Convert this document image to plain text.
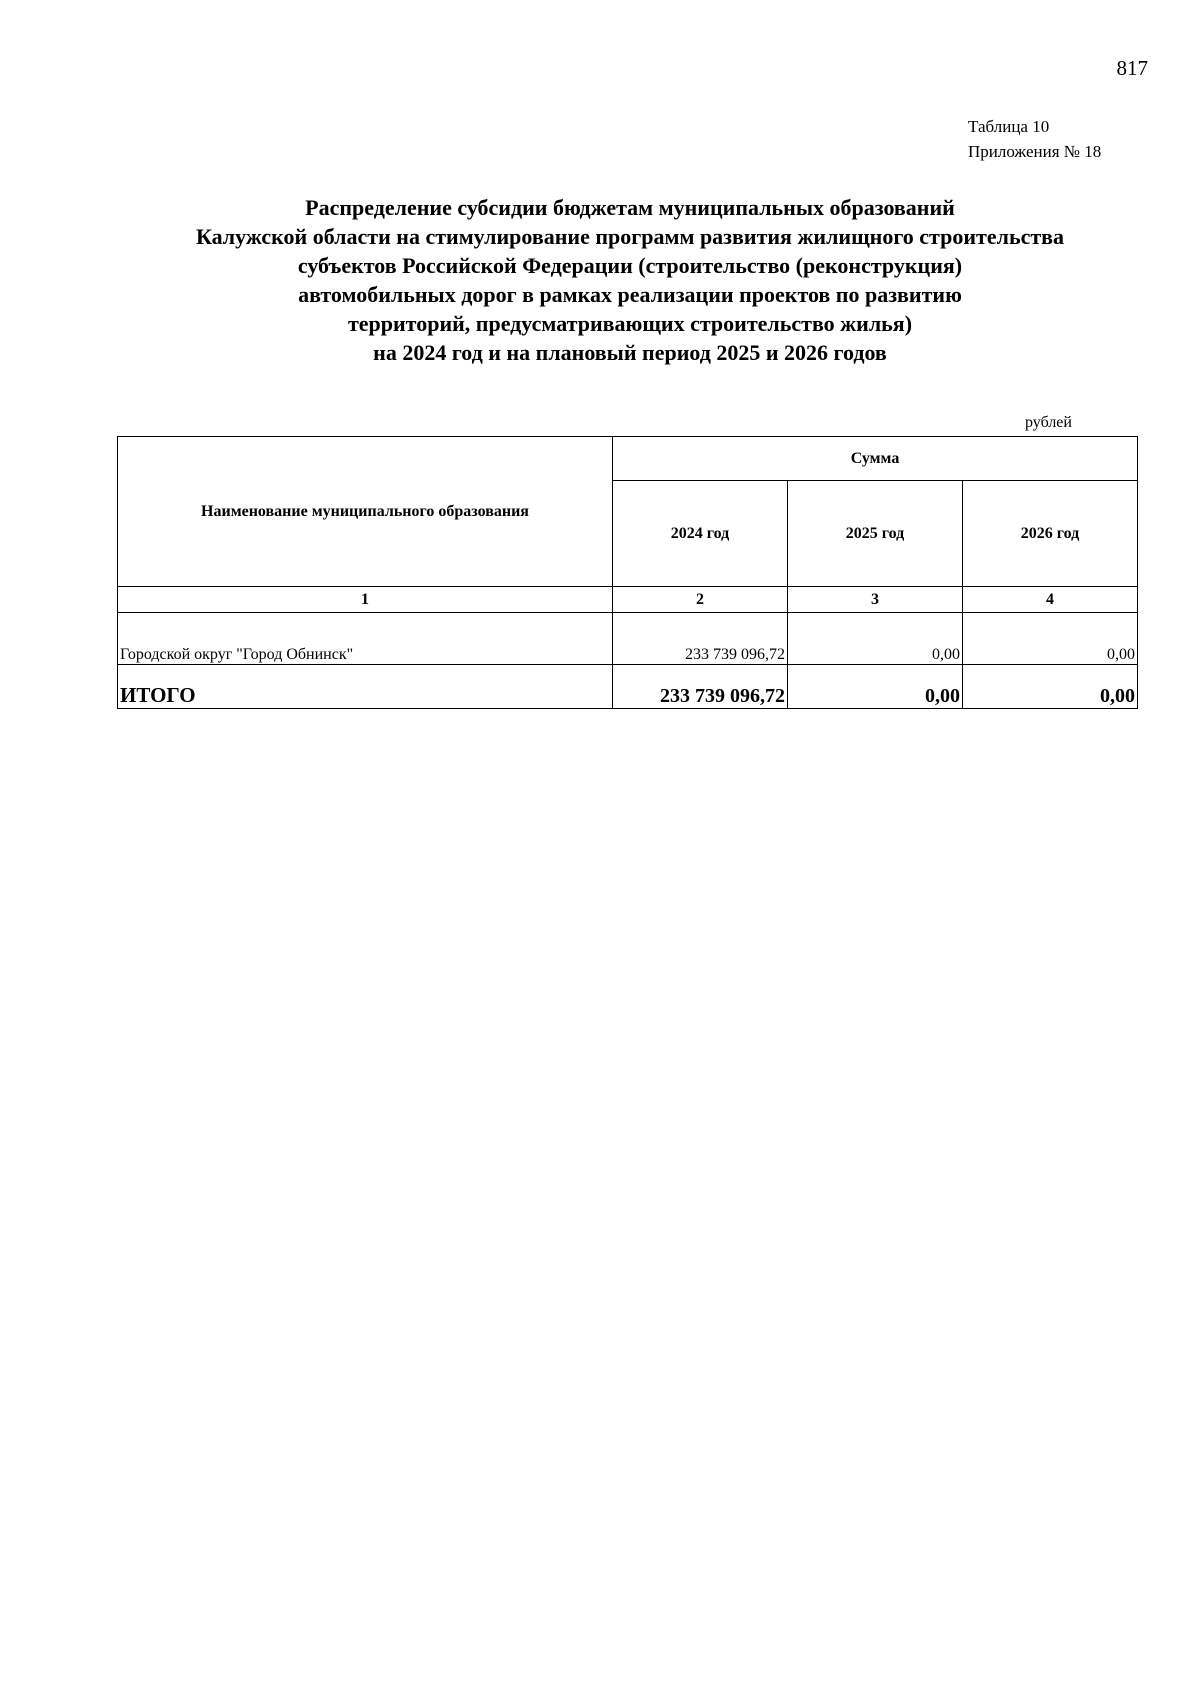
817
Таблица 10
Приложения № 18
Распределение субсидии бюджетам муниципальных образований
Калужской области на стимулирование программ развития жилищного строительства
субъектов Российской Федерации (строительство (реконструкция)
автомобильных дорог в рамках реализации проектов по развитию
территорий, предусматривающих строительство жилья)
на 2024 год и на плановый период 2025 и 2026 годов
рублей
Наименование муниципального образования	Сумма		
	2024 год	2025 год	2026 год
1	2	3	4
Городской округ "Город Обнинск"	233 739 096,72	0,00	0,00
ИТОГО	233 739 096,72	0,00	0,00
